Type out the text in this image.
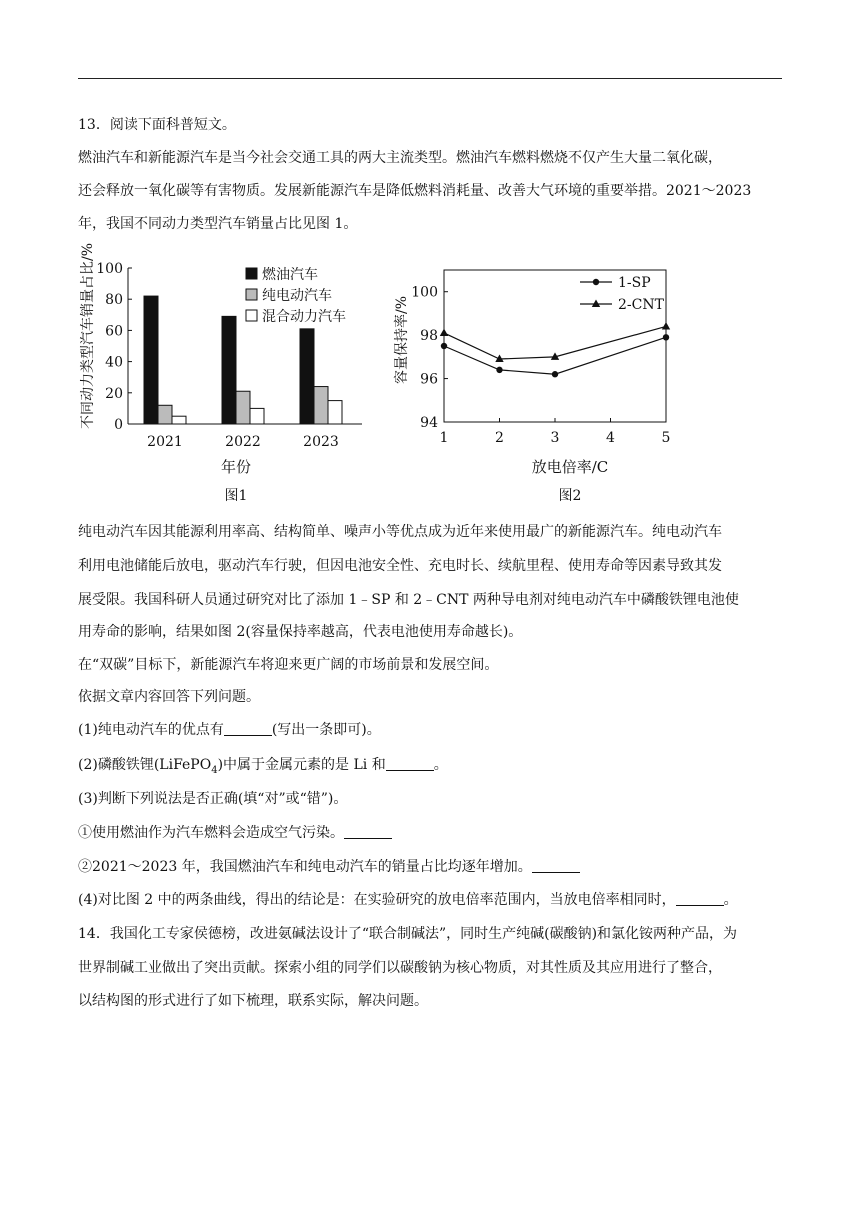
13．阅读下面科普短文。
燃油汽车和新能源汽车是当今社会交通工具的两大主流类型。燃油汽车燃料燃烧不仅产生大量二氧化碳，
还会释放一氧化碳等有害物质。发展新能源汽车是降低燃料消耗量、改善大气环境的重要举措。2021～2023
年，我国不同动力类型汽车销量占比见图 1。
不同动力类型汽车销量占比/% 0
20
40
60
80
100
2021	2022	2023
燃油汽车
纯电动汽车
混合动力汽车
年份
图1
容量保持率/%
94
96
98
100
1	2	3	4	5
1-SP
2-CNT
放电倍率/C
图2
纯电动汽车因其能源利用率高、结构简单、噪声小等优点成为近年来使用最广的新能源汽车。纯电动汽车
利用电池储能后放电，驱动汽车行驶，但因电池安全性、充电时长、续航里程、使用寿命等因素导致其发
展受限。我国科研人员通过研究对比了添加 1﹣SP 和 2﹣CNT 两种导电剂对纯电动汽车中磷酸铁锂电池使
用寿命的影响，结果如图 2(容量保持率越高，代表电池使用寿命越长)。
在“双碳”目标下，新能源汽车将迎来更广阔的市场前景和发展空间。
依据文章内容回答下列问题。
(1)纯电动汽车的优点有	(写出一条即可)。
(2)磷酸铁锂(LiFePO$_4$)中属于金属元素的是 Li 和	。
(3)判断下列说法是否正确(填“对”或“错”)。
①使用燃油作为汽车燃料会造成空气污染。
②2021～2023 年，我国燃油汽车和纯电动汽车的销量占比均逐年增加。
(4)对比图 2 中的两条曲线，得出的结论是：在实验研究的放电倍率范围内，当放电倍率相同时，	。
14．我国化工专家侯德榜，改进氨碱法设计了“联合制碱法”，同时生产纯碱(碳酸钠)和氯化铵两种产品，为
世界制碱工业做出了突出贡献。探索小组的同学们以碳酸钠为核心物质，对其性质及其应用进行了整合，
以结构图的形式进行了如下梳理，联系实际，解决问题。
